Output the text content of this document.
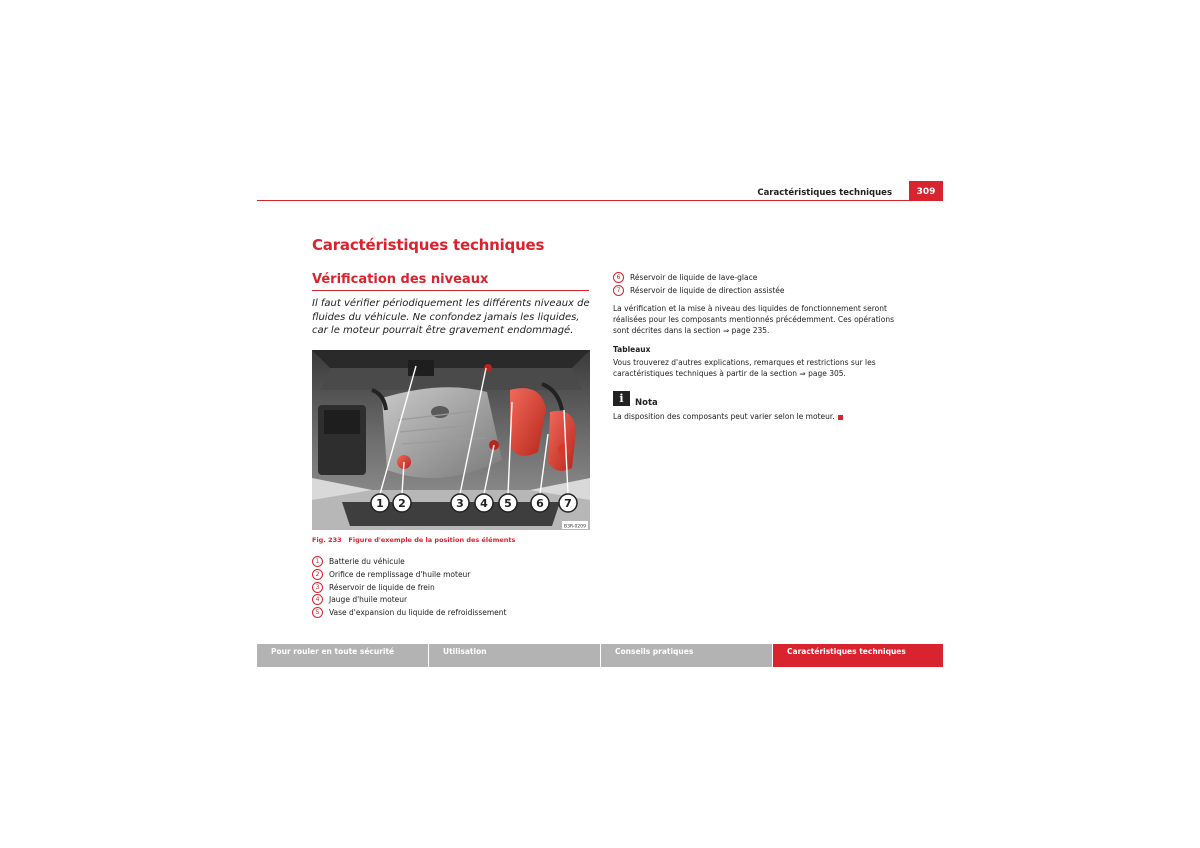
Caractéristiques techniques	309
Caractéristiques techniques
Vérification des niveaux
Il faut vérifier périodiquement les différents niveaux de fluides du véhicule. Ne confondez jamais les liquides, car le moteur pourrait être gravement endommagé.
1 2	3 4 5 6 7
B3R-0209
Fig. 233 Figure d'exemple de la position des éléments
1 Batterie du véhicule
2 Orifice de remplissage d'huile moteur
3 Réservoir de liquide de frein
4 Jauge d'huile moteur
5 Vase d'expansion du liquide de refroidissement
6 Réservoir de liquide de lave-glace
7 Réservoir de liquide de direction assistée
La vérification et la mise à niveau des liquides de fonctionnement seront réalisées pour les composants mentionnés précédemment. Ces opérations sont décrites dans la section ⇒ page 235.
Tableaux
Vous trouverez d'autres explications, remarques et restrictions sur les caractéristiques techniques à partir de la section ⇒ page 305.
i	Nota
La disposition des composants peut varier selon le moteur.
Pour rouler en toute sécurité	Utilisation	Conseils pratiques	Caractéristiques techniques
